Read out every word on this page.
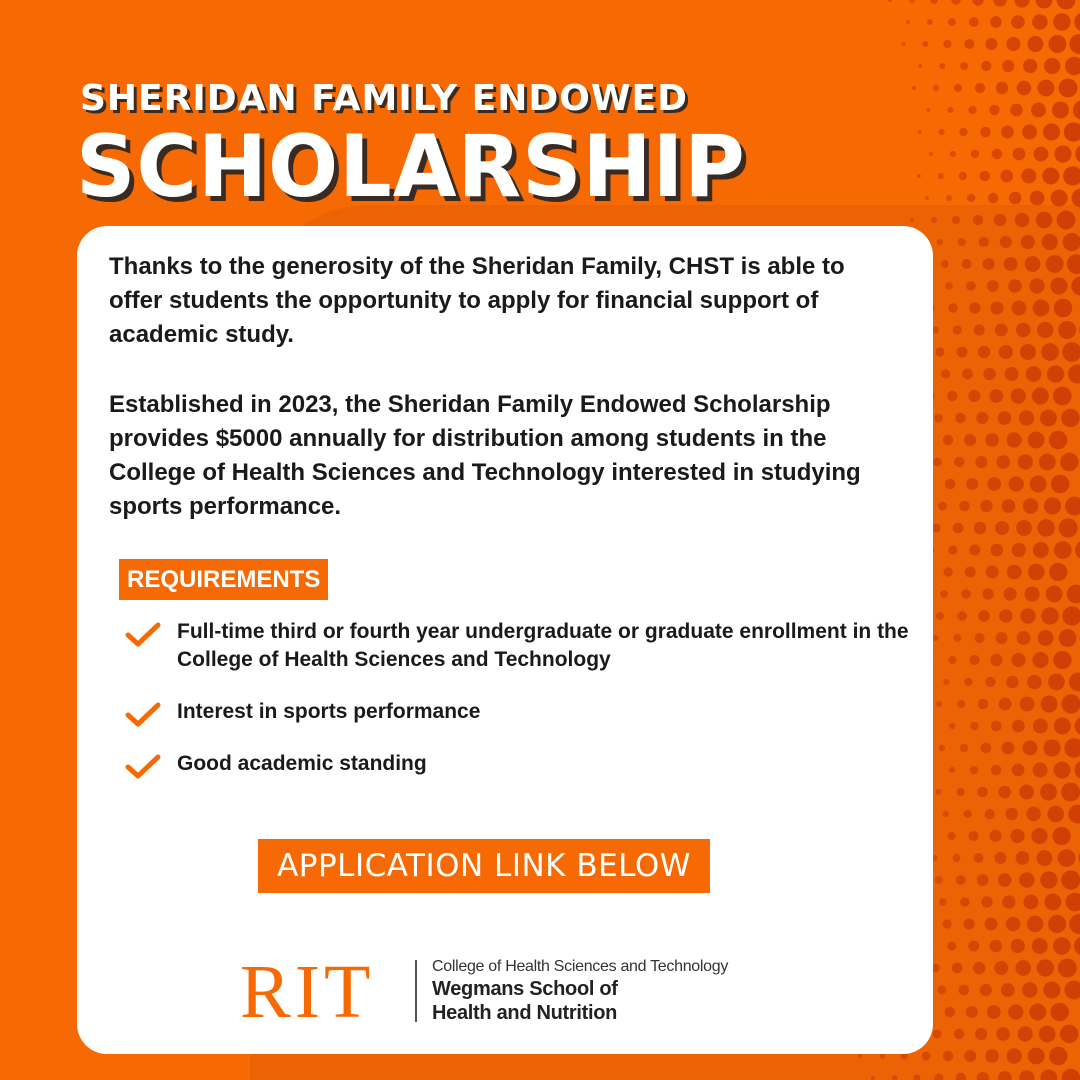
SHERIDAN FAMILY ENDOWED
SCHOLARSHIP

Thanks to the generosity of the Sheridan Family, CHST is able to offer students the opportunity to apply for financial support of academic study.

Established in 2023, the Sheridan Family Endowed Scholarship provides $5000 annually for distribution among students in the College of Health Sciences and Technology interested in studying sports performance.

REQUIREMENTS
Full-time third or fourth year undergraduate or graduate enrollment in the College of Health Sciences and Technology
Interest in sports performance
Good academic standing
APPLICATION LINK BELOW
RIT	College of Health Sciences and Technology
Wegmans School of
Health and Nutrition
